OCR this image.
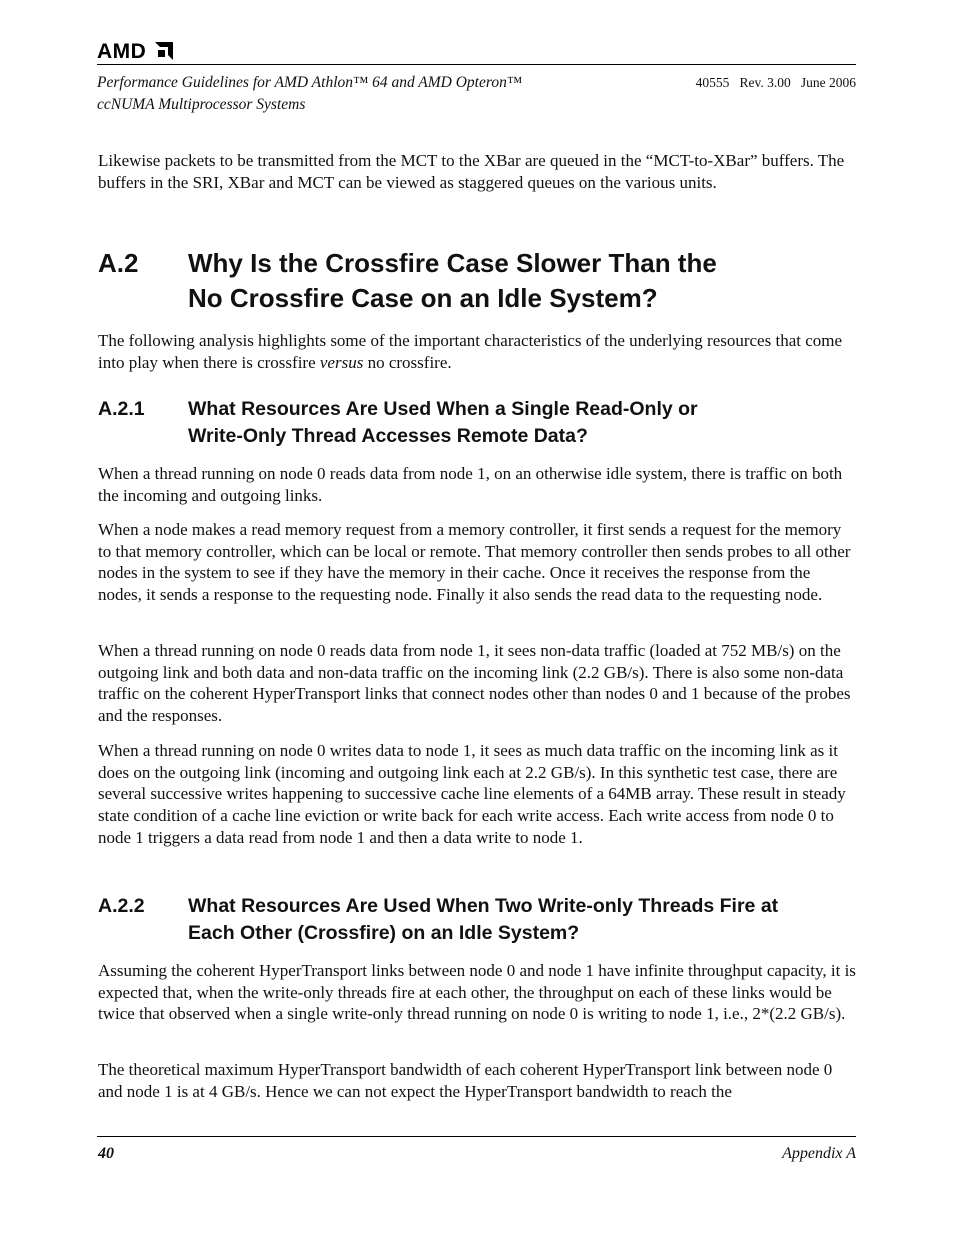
AMD
Performance Guidelines for AMD Athlon™ 64 and AMD Opteron™
ccNUMA Multiprocessor Systems
40555 Rev. 3.00 June 2006

Likewise packets to be transmitted from the MCT to the XBar are queued in the “MCT-to-XBar” buffers. The buffers in the SRI, XBar and MCT can be viewed as staggered queues on the various units.

A.2 Why Is the Crossfire Case Slower Than the
No Crossfire Case on an Idle System?

The following analysis highlights some of the important characteristics of the underlying resources that come into play when there is crossfire versus no crossfire.

A.2.1 What Resources Are Used When a Single Read-Only or
Write-Only Thread Accesses Remote Data?

When a thread running on node 0 reads data from node 1, on an otherwise idle system, there is traffic on both the incoming and outgoing links.

When a node makes a read memory request from a memory controller, it first sends a request for the memory to that memory controller, which can be local or remote. That memory controller then sends probes to all other nodes in the system to see if they have the memory in their cache. Once it receives the response from the nodes, it sends a response to the requesting node. Finally it also sends the read data to the requesting node.

When a thread running on node 0 reads data from node 1, it sees non-data traffic (loaded at 752 MB/s) on the outgoing link and both data and non-data traffic on the incoming link (2.2 GB/s). There is also some non-data traffic on the coherent HyperTransport links that connect nodes other than nodes 0 and 1 because of the probes and the responses.

When a thread running on node 0 writes data to node 1, it sees as much data traffic on the incoming link as it does on the outgoing link (incoming and outgoing link each at 2.2 GB/s). In this synthetic test case, there are several successive writes happening to successive cache line elements of a 64MB array. These result in steady state condition of a cache line eviction or write back for each write access. Each write access from node 0 to node 1 triggers a data read from node 1 and then a data write to node 1.

A.2.2 What Resources Are Used When Two Write-only Threads Fire at
Each Other (Crossfire) on an Idle System?

Assuming the coherent HyperTransport links between node 0 and node 1 have infinite throughput capacity, it is expected that, when the write-only threads fire at each other, the throughput on each of these links would be twice that observed when a single write-only thread running on node 0 is writing to node 1, i.e., 2*(2.2 GB/s).

The theoretical maximum HyperTransport bandwidth of each coherent HyperTransport link between node 0 and node 1 is at 4 GB/s. Hence we can not expect the HyperTransport bandwidth to reach the

40	Appendix A
